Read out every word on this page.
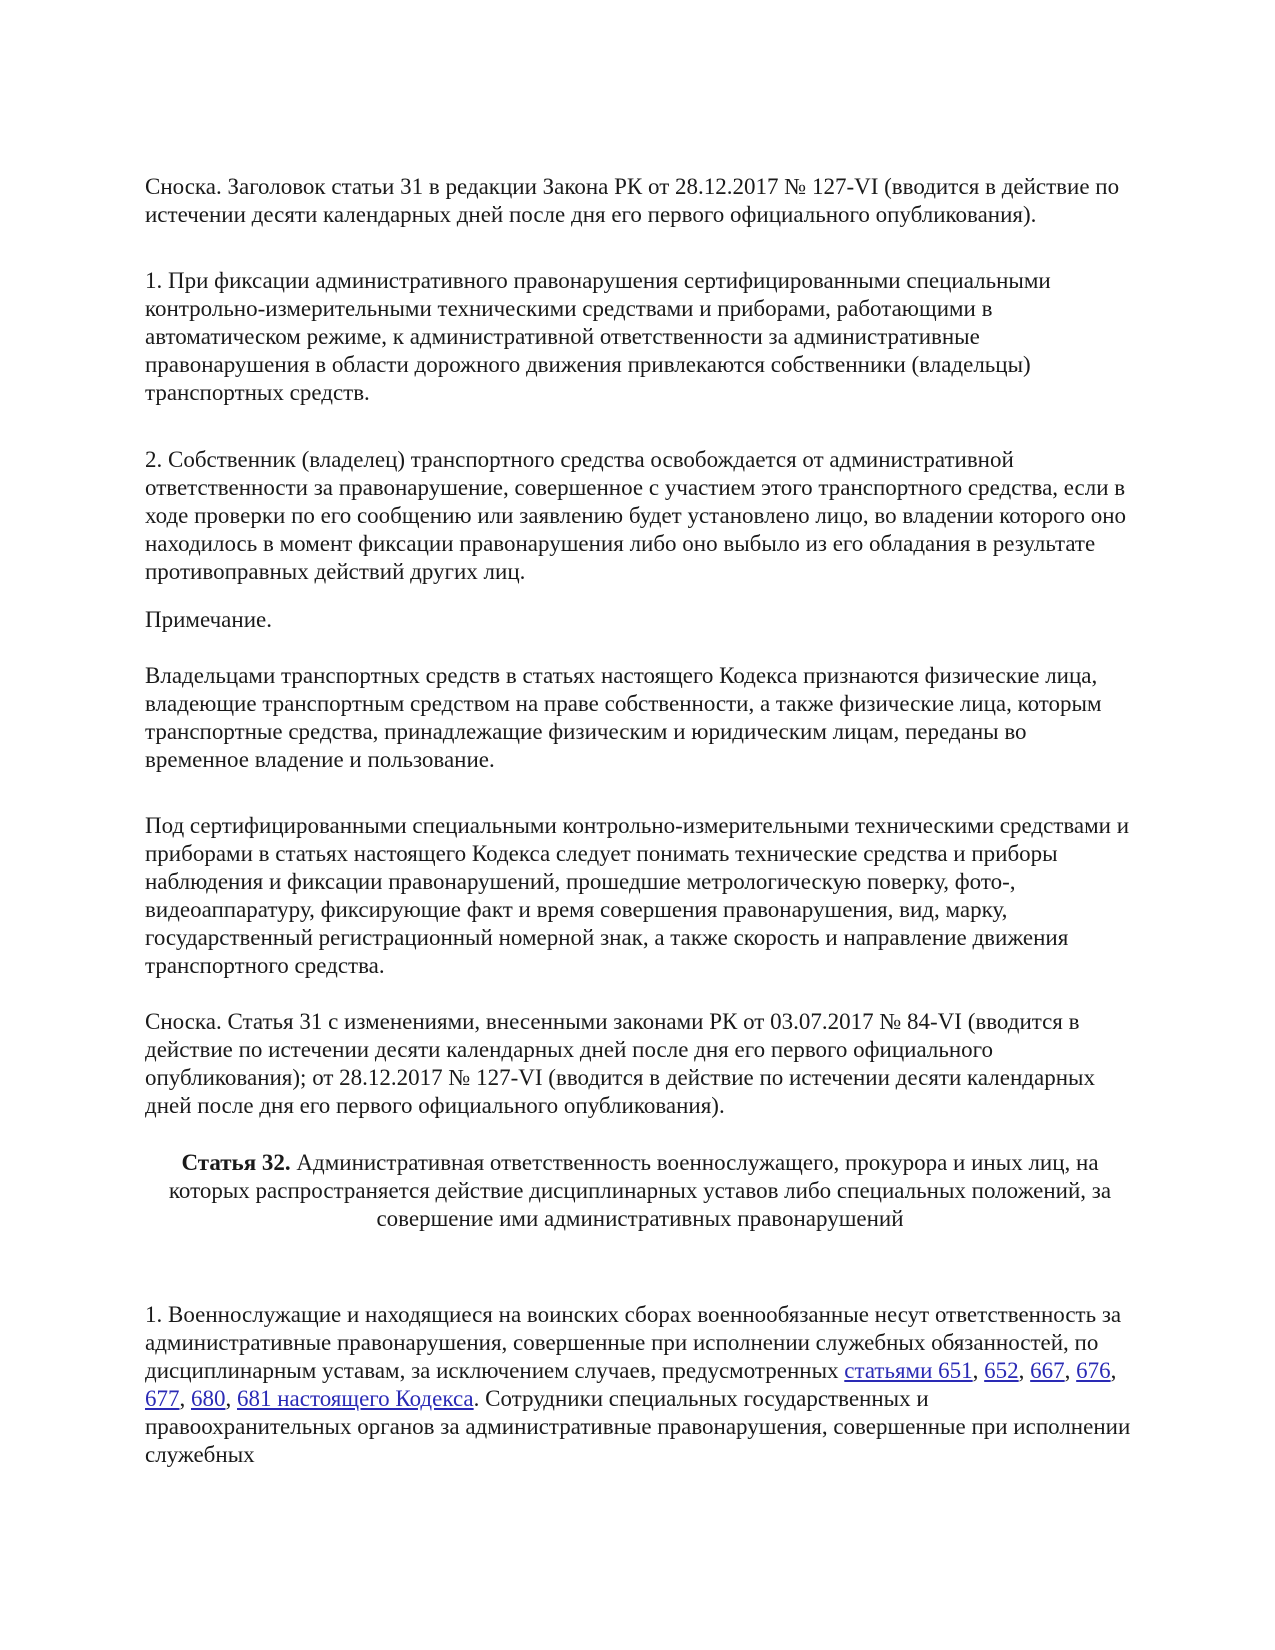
Сноска. Заголовок статьи 31 в редакции Закона РК от 28.12.2017 № 127-VI (вводится в действие по истечении десяти календарных дней после дня его первого официального опубликования).

1. При фиксации административного правонарушения сертифицированными специальными контрольно-измерительными техническими средствами и приборами, работающими в автоматическом режиме, к административной ответственности за административные правонарушения в области дорожного движения привлекаются собственники (владельцы) транспортных средств.

2. Собственник (владелец) транспортного средства освобождается от административной ответственности за правонарушение, совершенное с участием этого транспортного средства, если в ходе проверки по его сообщению или заявлению будет установлено лицо, во владении которого оно находилось в момент фиксации правонарушения либо оно выбыло из его обладания в результате противоправных действий других лиц.

Примечание.

Владельцами транспортных средств в статьях настоящего Кодекса признаются физические лица, владеющие транспортным средством на праве собственности, а также физические лица, которым транспортные средства, принадлежащие физическим и юридическим лицам, переданы во временное владение и пользование.

Под сертифицированными специальными контрольно-измерительными техническими средствами и приборами в статьях настоящего Кодекса следует понимать технические средства и приборы наблюдения и фиксации правонарушений, прошедшие метрологическую поверку, фото-, видеоаппаратуру, фиксирующие факт и время совершения правонарушения, вид, марку, государственный регистрационный номерной знак, а также скорость и направление движения транспортного средства.

Сноска. Статья 31 с изменениями, внесенными законами РК от 03.07.2017 № 84-VI (вводится в действие по истечении десяти календарных дней после дня его первого официального опубликования); от 28.12.2017 № 127-VI (вводится в действие по истечении десяти календарных дней после дня его первого официального опубликования).

Статья 32. Административная ответственность военнослужащего, прокурора и иных лиц, на которых распространяется действие дисциплинарных уставов либо специальных положений, за совершение ими административных правонарушений

1. Военнослужащие и находящиеся на воинских сборах военнообязанные несут ответственность за административные правонарушения, совершенные при исполнении служебных обязанностей, по дисциплинарным уставам, за исключением случаев, предусмотренных статьями 651, 652, 667, 676, 677, 680, 681 настоящего Кодекса. Сотрудники специальных государственных и правоохранительных органов за административные правонарушения, совершенные при исполнении служебных
